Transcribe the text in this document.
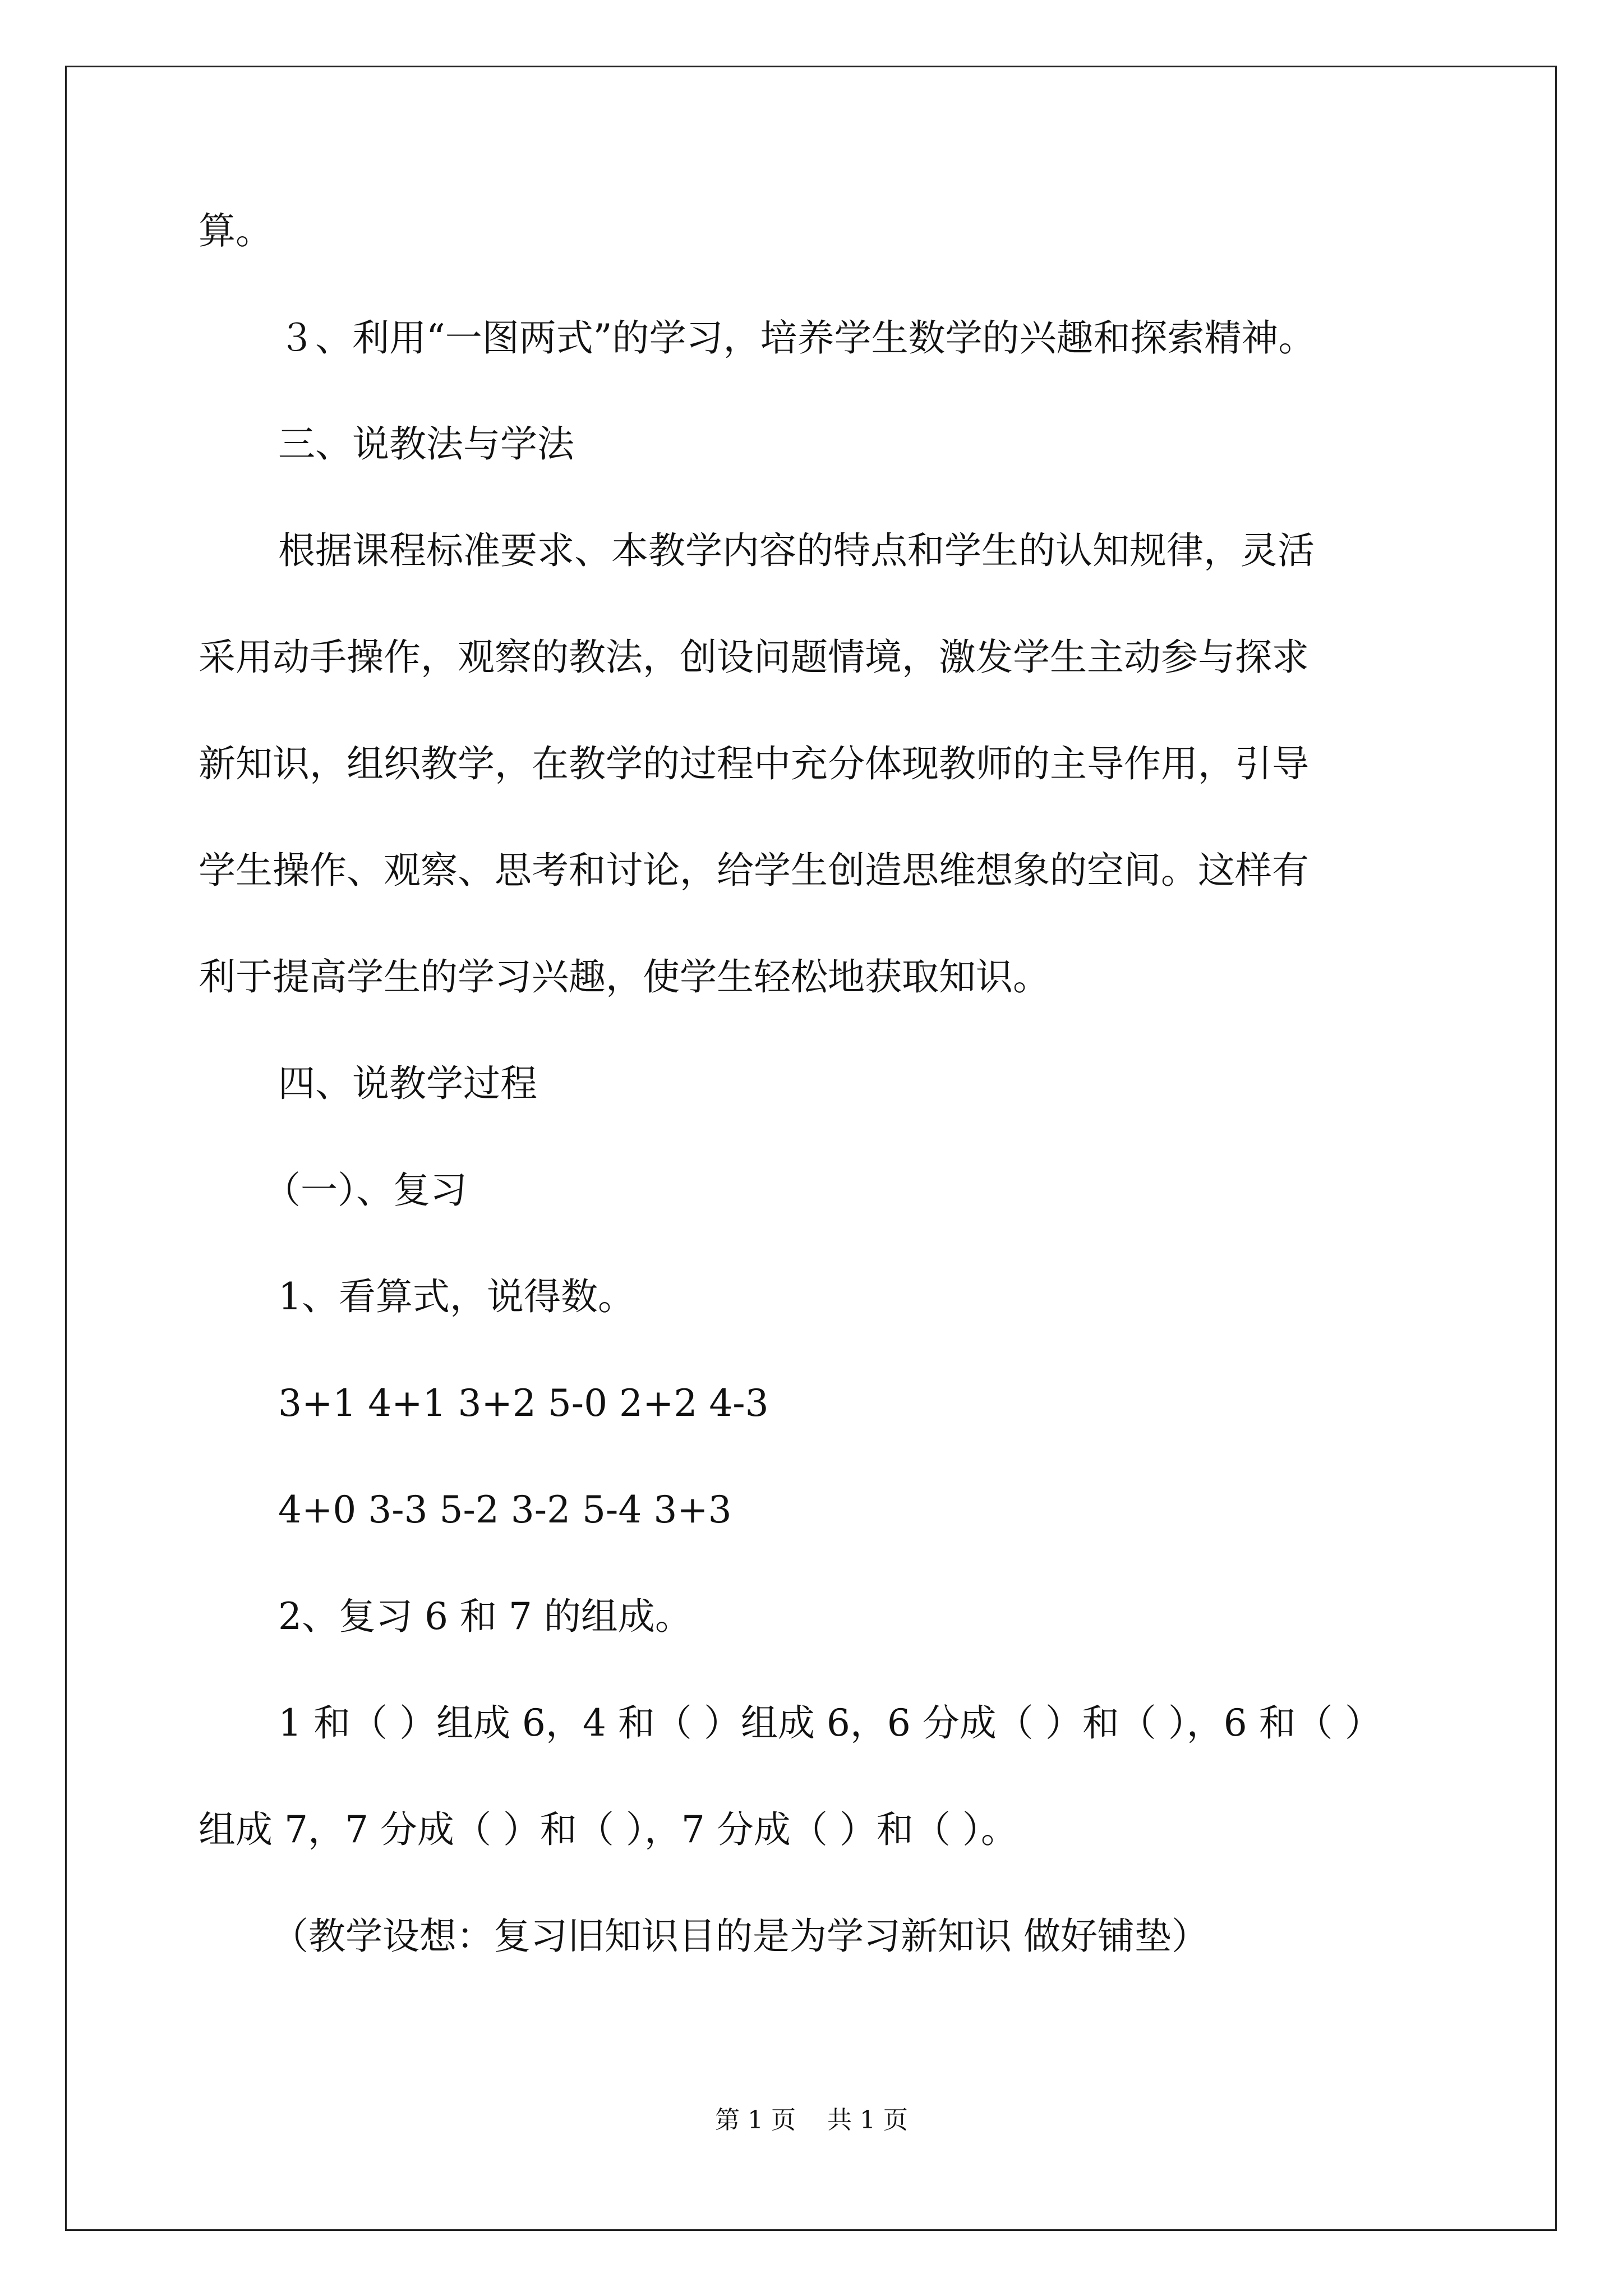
算。
３、利用“一图两式”的学习，培养学生数学的兴趣和探索精神。
三、说教法与学法
根据课程标准要求、本教学内容的特点和学生的认知规律，灵活
采用动手操作，观察的教法，创设问题情境，激发学生主动参与探求
新知识，组织教学，在教学的过程中充分体现教师的主导作用，引导
学生操作、观察、思考和讨论，给学生创造思维想象的空间。这样有
利于提高学生的学习兴趣，使学生轻松地获取知识。
四、说教学过程
（一）、复习
1、看算式，说得数。
3+1 4+1 3+2 5-0 2+2 4-3
4+0 3-3 5-2 3-2 5-4 3+3
2、复习 6 和 7 的组成。
1 和（ ）组成 6，4 和（ ）组成 6，6 分成（ ）和（ ），6 和（ ）
组成 7，7 分成（ ）和（ ），7 分成（ ）和（ ）。
（教学设想：复习旧知识目的是为学习新知识 做好铺垫）
第 1 页    共 1 页
